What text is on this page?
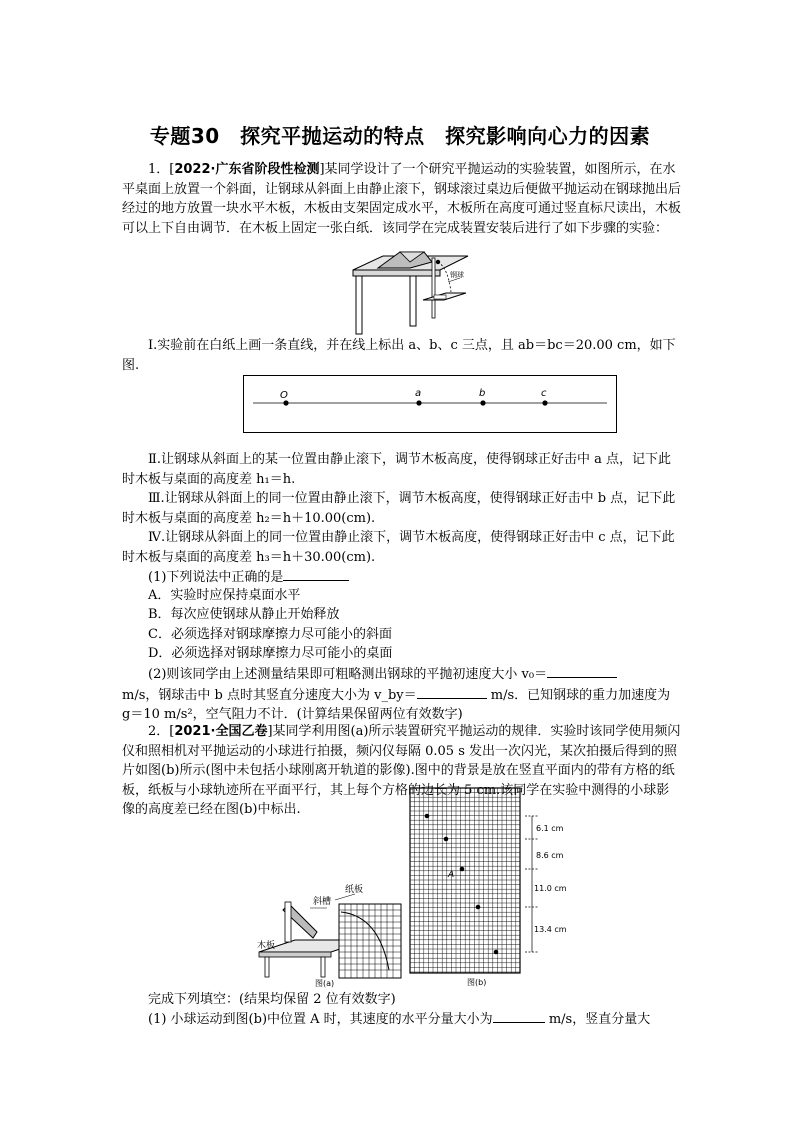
专题30　探究平抛运动的特点　探究影响向心力的因素
1．[2022·广东省阶段性检测]某同学设计了一个研究平抛运动的实验装置，如图所示，在水平桌面上放置一个斜面，让钢球从斜面上由静止滚下，钢球滚过桌边后便做平抛运动在钢球抛出后经过的地方放置一块水平木板，木板由支架固定成水平，木板所在高度可通过竖直标尺读出，木板可以上下自由调节．在木板上固定一张白纸．该同学在完成装置安装后进行了如下步骤的实验：
钢球
Ⅰ.实验前在白纸上画一条直线，并在线上标出 a、b、c 三点，且 ab＝bc＝20.00 cm，如下图.
O	a	b	c
Ⅱ.让钢球从斜面上的某一位置由静止滚下，调节木板高度，使得钢球正好击中 a 点，记下此时木板与桌面的高度差 h₁＝h.
Ⅲ.让钢球从斜面上的同一位置由静止滚下，调节木板高度，使得钢球正好击中 b 点，记下此时木板与桌面的高度差 h₂＝h＋10.00(cm).
Ⅳ.让钢球从斜面上的同一位置由静止滚下，调节木板高度，使得钢球正好击中 c 点，记下此时木板与桌面的高度差 h₃＝h＋30.00(cm).
(1)下列说法中正确的是
A．实验时应保持桌面水平
B．每次应使钢球从静止开始释放
C．必须选择对钢球摩擦力尽可能小的斜面
D．必须选择对钢球摩擦力尽可能小的桌面
(2)则该同学由上述测量结果即可粗略测出钢球的平抛初速度大小 v₀＝
m/s，钢球击中 b 点时其竖直分速度大小为 v_by＝	m/s．已知钢球的重力加速度为
g＝10 m/s²，空气阻力不计．(计算结果保留两位有效数字)
2．[2021·全国乙卷]某同学利用图(a)所示装置研究平抛运动的规律．实验时该同学使用频闪仪和照相机对平抛运动的小球进行拍摄，频闪仪每隔 0.05 s 发出一次闪光，某次拍摄后得到的照片如图(b)所示(图中未包括小球刚离开轨道的影像).图中的背景是放在竖直平面内的带有方格的纸板，纸板与小球轨迹所在平面平行，其上每个方格的边长为 5 cm.该同学在实验中测得的小球影像的高度差已经在图(b)中标出.
纸板
斜槽
木板
图(a)
A
6.1 cm
8.6 cm
11.0 cm
13.4 cm
图(b)
完成下列填空：(结果均保留 2 位有效数字)
(1) 小球运动到图(b)中位置 A 时，其速度的水平分量大小为	m/s，竖直分量大
